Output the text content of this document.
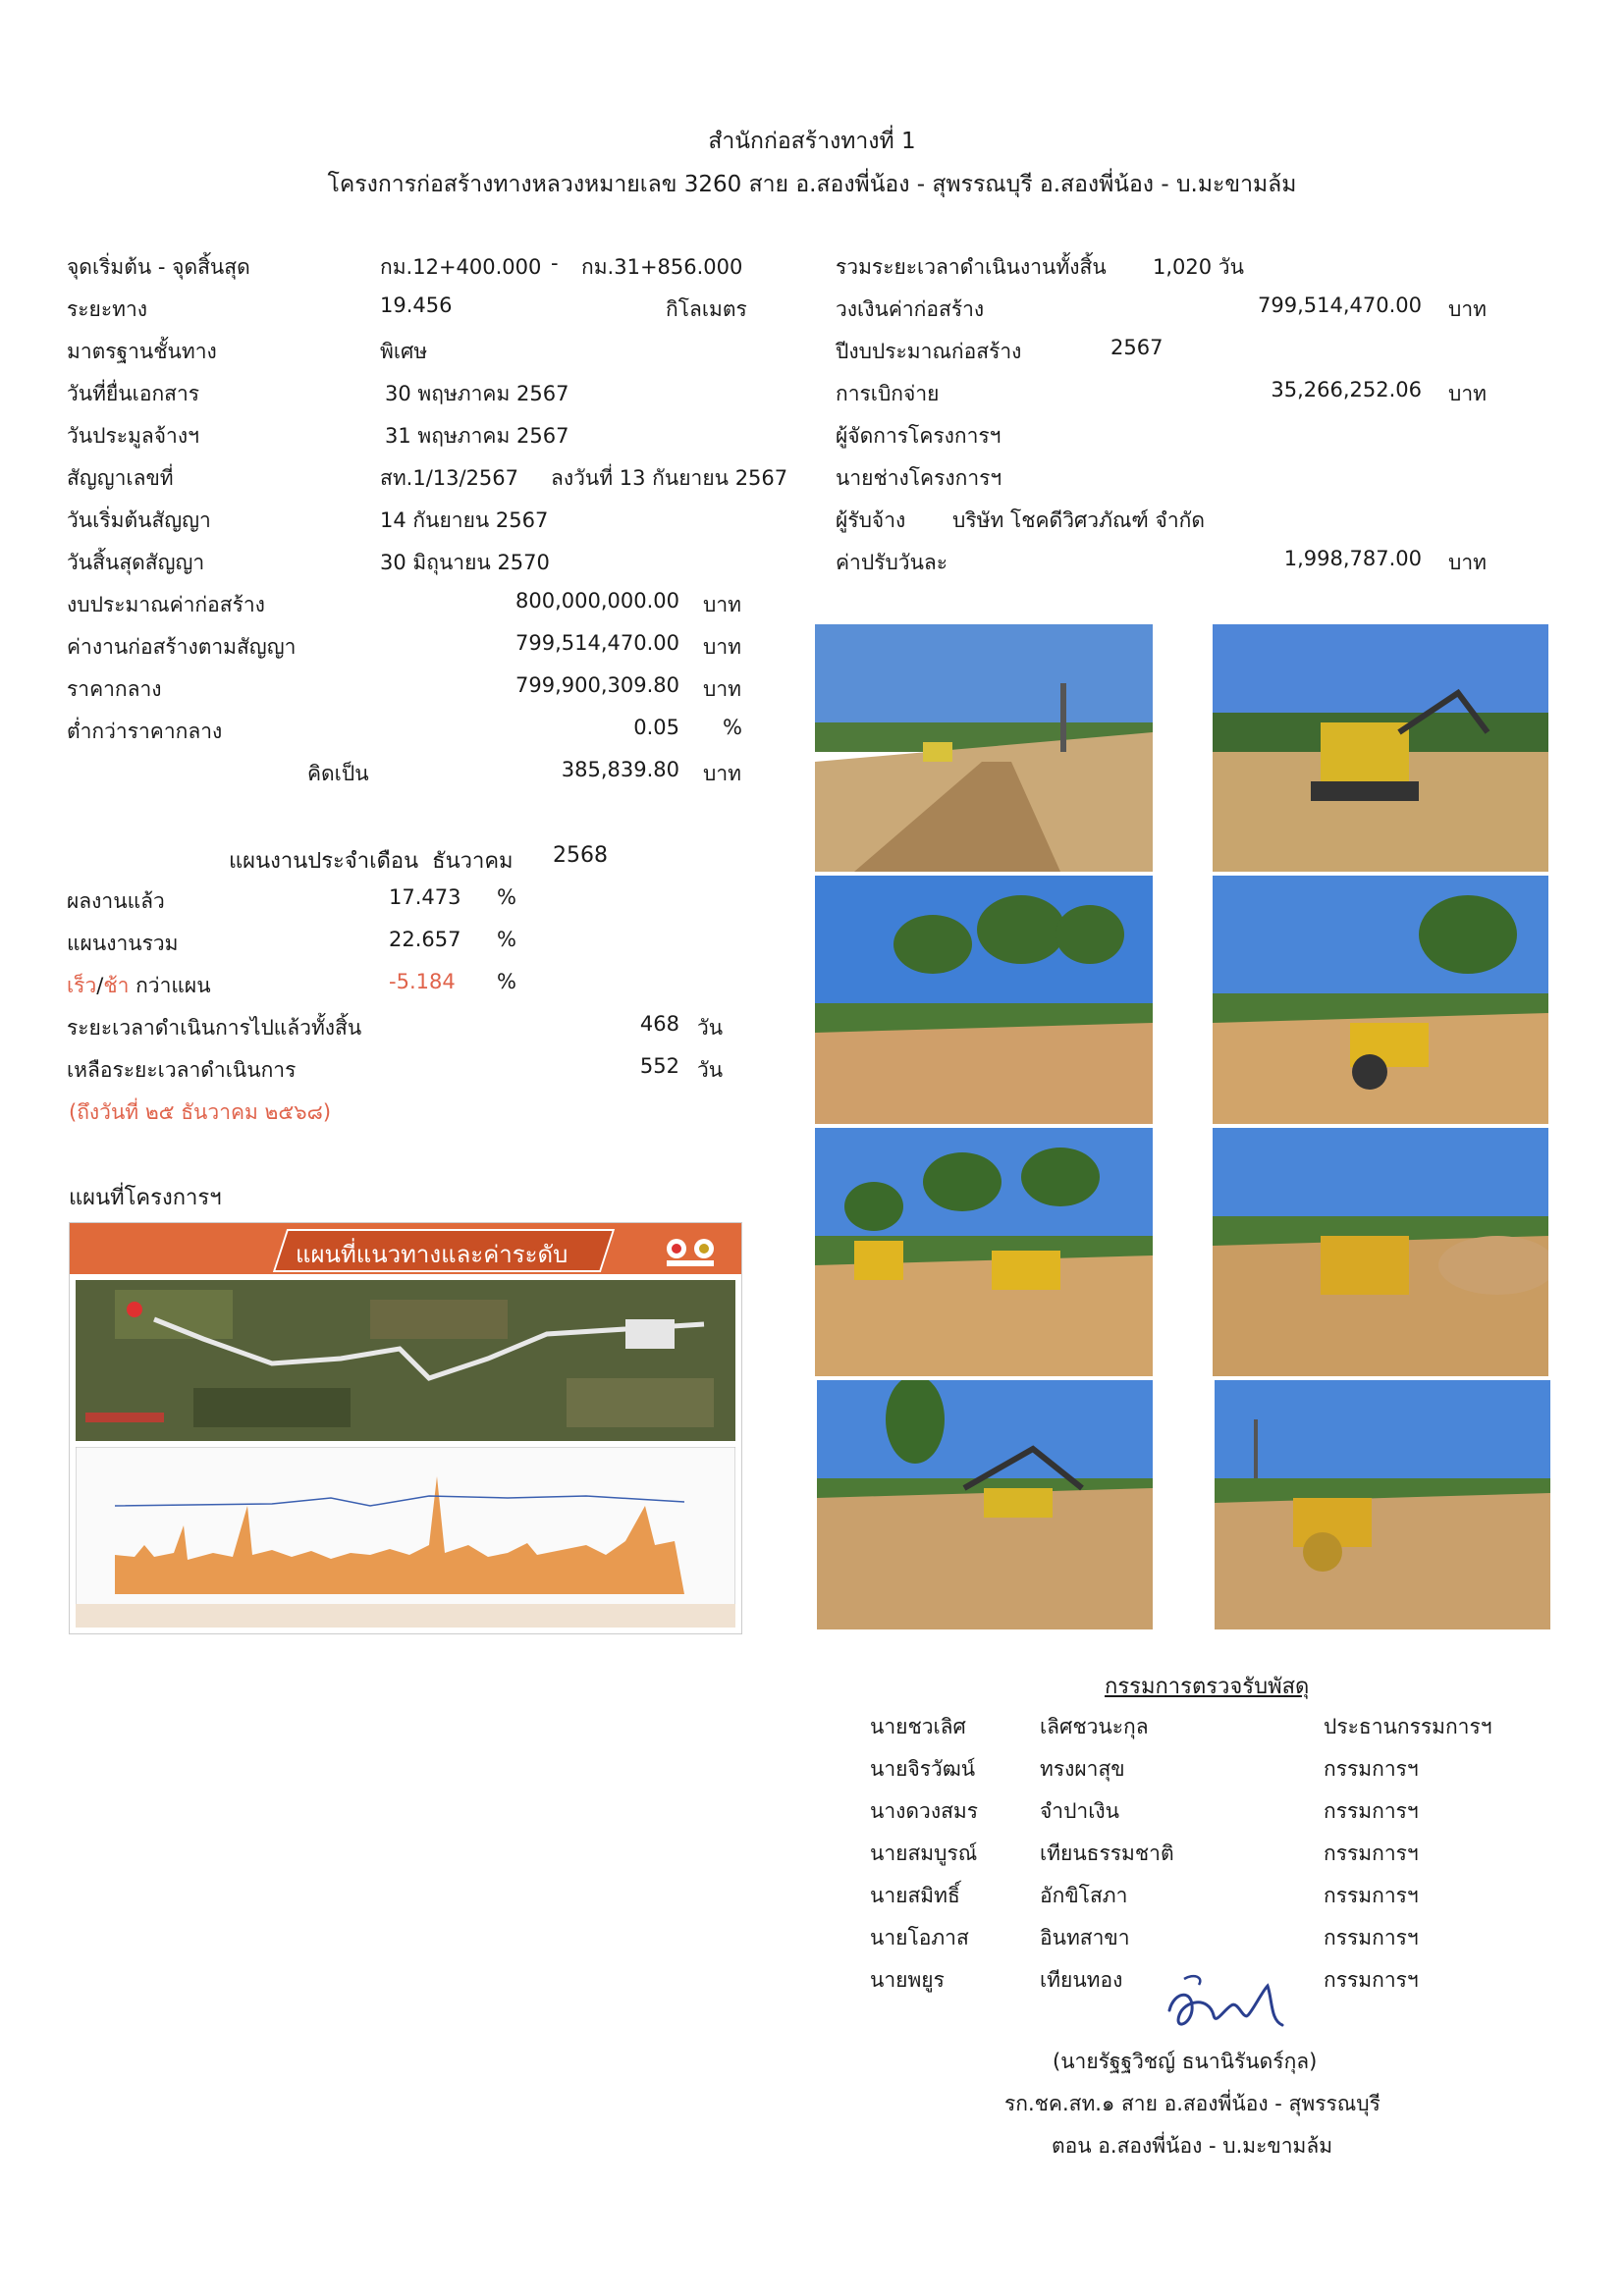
สำนักก่อสร้างทางที่ 1
โครงการก่อสร้างทางหลวงหมายเลข 3260 สาย อ.สองพี่น้อง - สุพรรณบุรี อ.สองพี่น้อง - บ.มะขามล้ม
จุดเริ่มต้น - จุดสิ้นสุด	กม.12+400.000 - กม.31+856.000
ระยะทาง	19.456	กิโลเมตร
มาตรฐานชั้นทาง	พิเศษ
วันที่ยื่นเอกสาร	30 พฤษภาคม 2567
วันประมูลจ้างฯ	31 พฤษภาคม 2567
สัญญาเลขที่	สท.1/13/2567 ลงวันที่ 13 กันยายน 2567
วันเริ่มต้นสัญญา	14 กันยายน 2567
วันสิ้นสุดสัญญา	30 มิถุนายน 2570
งบประมาณค่าก่อสร้าง	800,000,000.00 บาท
ค่างานก่อสร้างตามสัญญา	799,514,470.00 บาท
ราคากลาง	799,900,309.80 บาท
ต่ำกว่าราคากลาง	0.05 %
คิดเป็น	385,839.80 บาท
รวมระยะเวลาดำเนินงานทั้งสิ้น 1,020 วัน
วงเงินค่าก่อสร้าง	799,514,470.00 บาท
ปีงบประมาณก่อสร้าง	2567
การเบิกจ่าย	35,266,252.06 บาท
ผู้จัดการโครงการฯ
นายช่างโครงการฯ
ผู้รับจ้าง บริษัท โชคดีวิศวภัณฑ์ จำกัด
ค่าปรับวันละ	1,998,787.00 บาท
แผนงานประจำเดือน ธันวาคม 2568
ผลงานแล้ว	17.473 %
แผนงานรวม	22.657 %
เร็ว/ช้า กว่าแผน	-5.184 %
ระยะเวลาดำเนินการไปแล้วทั้งสิ้น	468 วัน
เหลือระยะเวลาดำเนินการ	552 วัน
(ถึงวันที่ ๒๕ ธันวาคม ๒๕๖๘)
แผนที่โครงการฯ
แผนที่แนวทางและค่าระดับ
กรรมการตรวจรับพัสดุ
นายชวเลิศ	เลิศชวนะกุล	ประธานกรรมการฯ
นายจิรวัฒน์	ทรงผาสุข	กรรมการฯ
นางดวงสมร	จำปาเงิน	กรรมการฯ
นายสมบูรณ์	เทียนธรรมชาติ	กรรมการฯ
นายสมิทธิ์	อักขิโสภา	กรรมการฯ
นายโอภาส	อินทสาขา	กรรมการฯ
นายพยูร	เทียนทอง	กรรมการฯ
(นายรัฐฐวิชญ์ ธนานิรันดร์กุล)
รก.ชค.สท.๑ สาย อ.สองพี่น้อง - สุพรรณบุรี
ตอน อ.สองพี่น้อง - บ.มะขามล้ม
